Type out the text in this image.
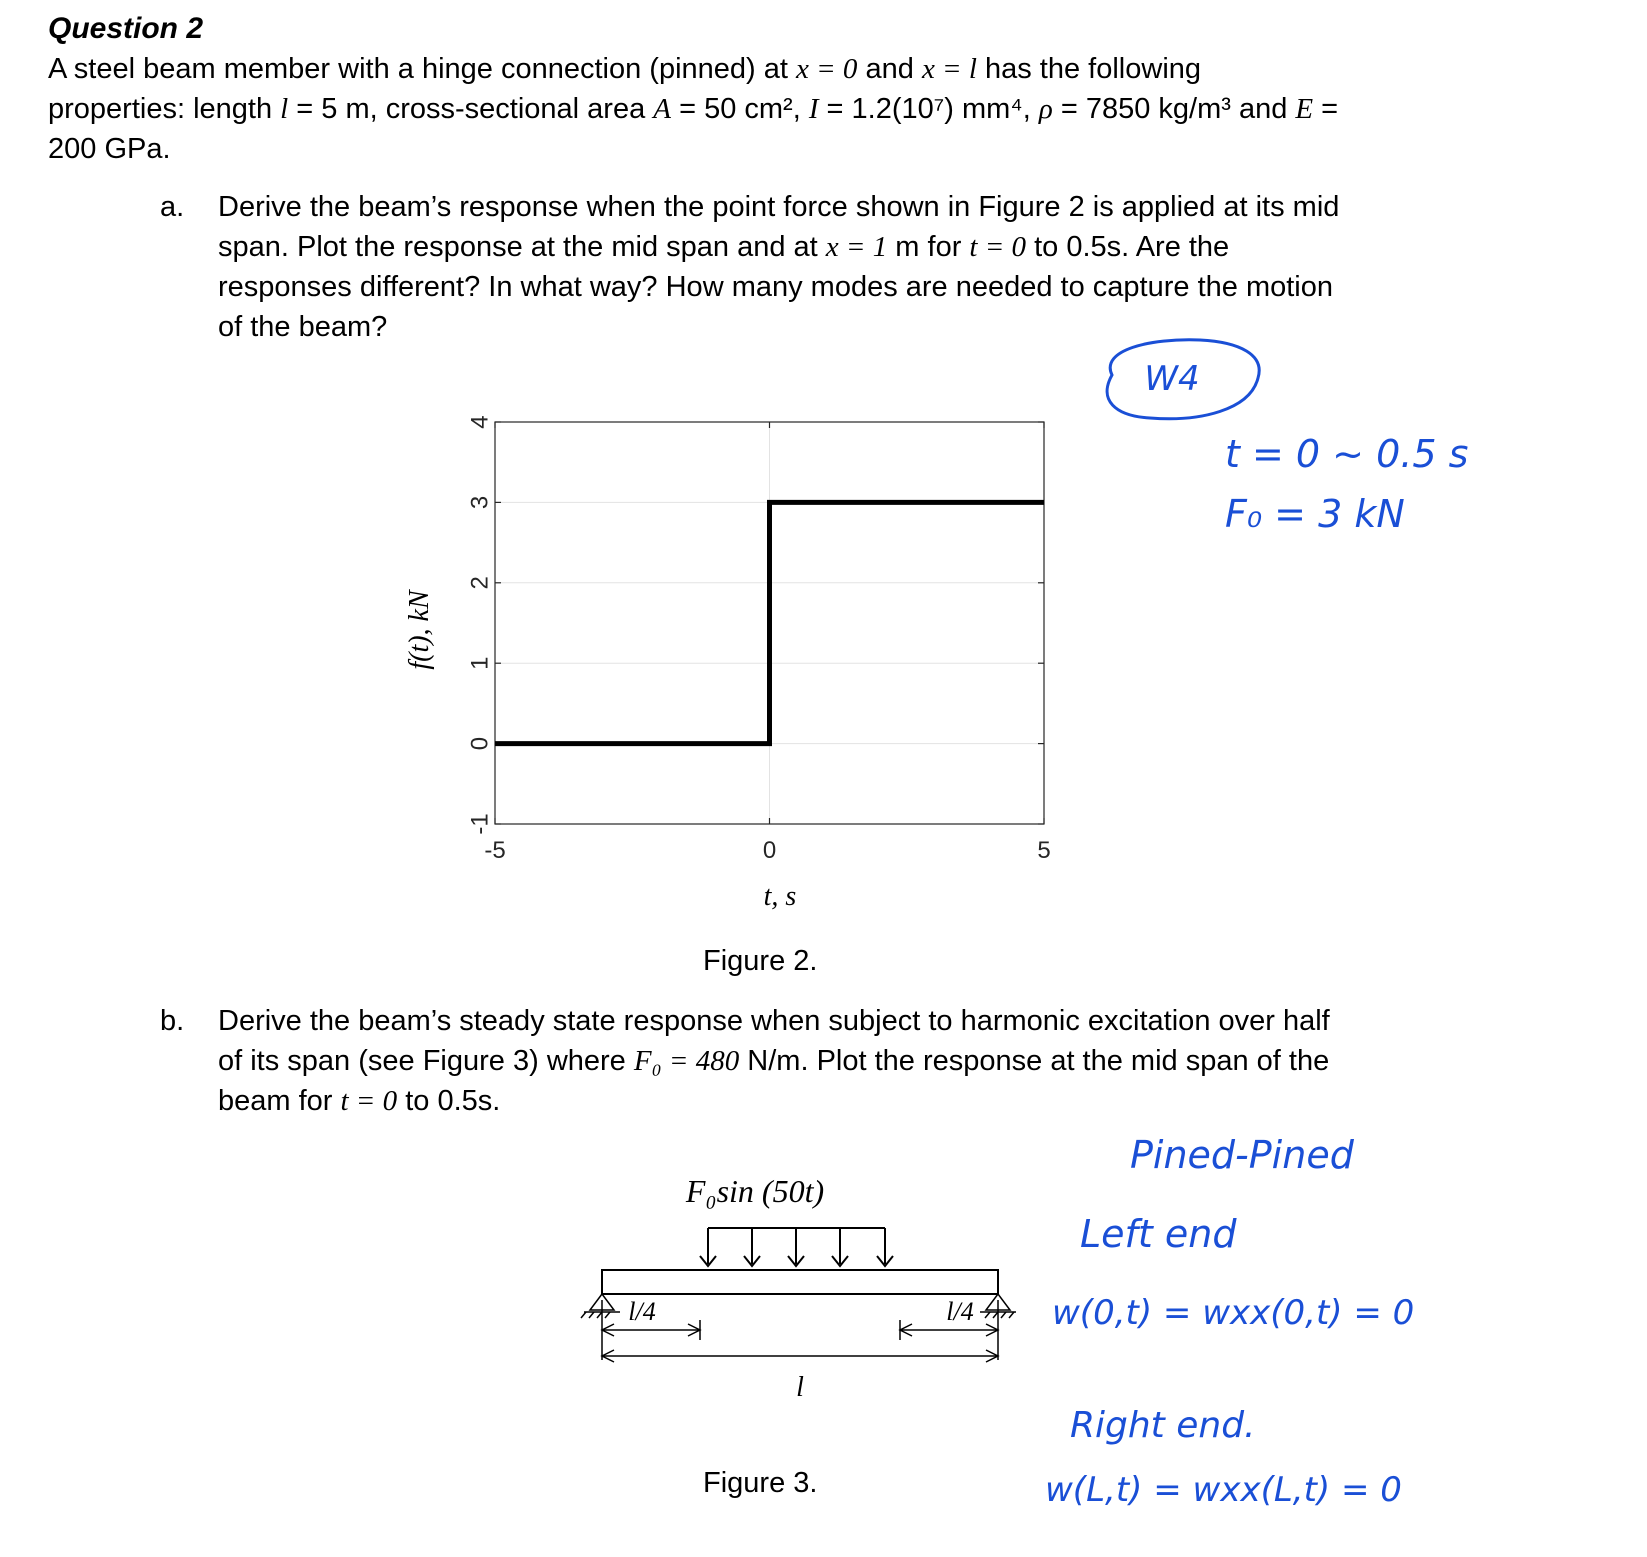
Question 2
A steel beam member with a hinge connection (pinned) at x = 0 and x = l has the following
properties: length l = 5 m, cross-sectional area A = 50 cm², I = 1.2(10⁷) mm⁴, ρ = 7850 kg/m³ and E =
200 GPa.
a. Derive the beam’s response when the point force shown in Figure 2 is applied at its mid
span. Plot the response at the mid span and at x = 1 m for t = 0 to 0.5s. Are the
responses different? In what way? How many modes are needed to capture the motion
of the beam?
-1
0
1
2
3
4
-5	0	5
f(t), kN
t, s
Figure 2.
b. Derive the beam’s steady state response when subject to harmonic excitation over half
of its span (see Figure 3) where F₀ = 480 N/m. Plot the response at the mid span of the
beam for t = 0 to 0.5s.
F₀sin (50t)
l/4	l/4
l
Figure 3.
W4
t = 0 ~ 0.5 s
F₀ = 3 kN
Pined-Pined
Left end
w(0,t) = wxx(0,t) = 0
Right end.
w(L,t) = wxx(L,t) = 0
